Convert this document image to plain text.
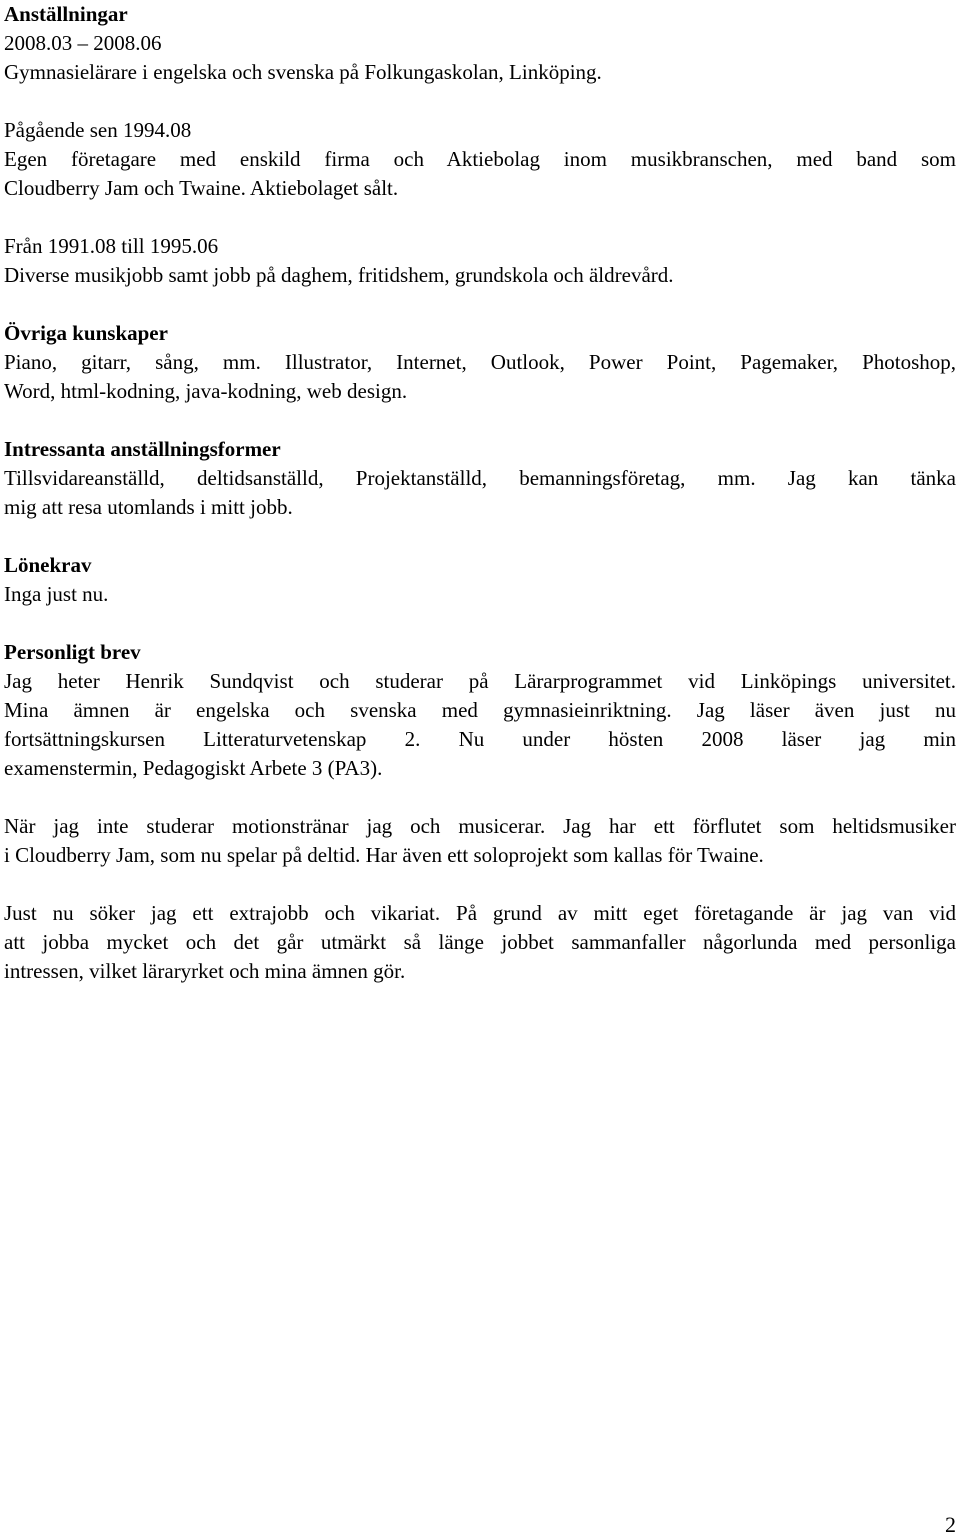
Anställningar
2008.03 – 2008.06
Gymnasielärare i engelska och svenska på Folkungaskolan, Linköping.
Pågående sen 1994.08
Egen företagare med enskild firma och Aktiebolag inom musikbranschen, med band som
Cloudberry Jam och Twaine. Aktiebolaget sålt.
Från 1991.08 till 1995.06
Diverse musikjobb samt jobb på daghem, fritidshem, grundskola och äldrevård.
Övriga kunskaper
Piano, gitarr, sång, mm. Illustrator, Internet, Outlook, Power Point, Pagemaker, Photoshop,
Word, html-kodning, java-kodning, web design.
Intressanta anställningsformer
Tillsvidareanställd, deltidsanställd, Projektanställd, bemanningsföretag, mm. Jag kan tänka
mig att resa utomlands i mitt jobb.
Lönekrav
Inga just nu.
Personligt brev
Jag heter Henrik Sundqvist och studerar på Lärarprogrammet vid Linköpings universitet.
Mina ämnen är engelska och svenska med gymnasieinriktning. Jag läser även just nu
fortsättningskursen Litteraturvetenskap 2. Nu under hösten 2008 läser jag min
examenstermin, Pedagogiskt Arbete 3 (PA3).
När jag inte studerar motionstränar jag och musicerar. Jag har ett förflutet som heltidsmusiker
i Cloudberry Jam, som nu spelar på deltid. Har även ett soloprojekt som kallas för Twaine.
Just nu söker jag ett extrajobb och vikariat. På grund av mitt eget företagande är jag van vid
att jobba mycket och det går utmärkt så länge jobbet sammanfaller någorlunda med personliga
intressen, vilket läraryrket och mina ämnen gör.
2
